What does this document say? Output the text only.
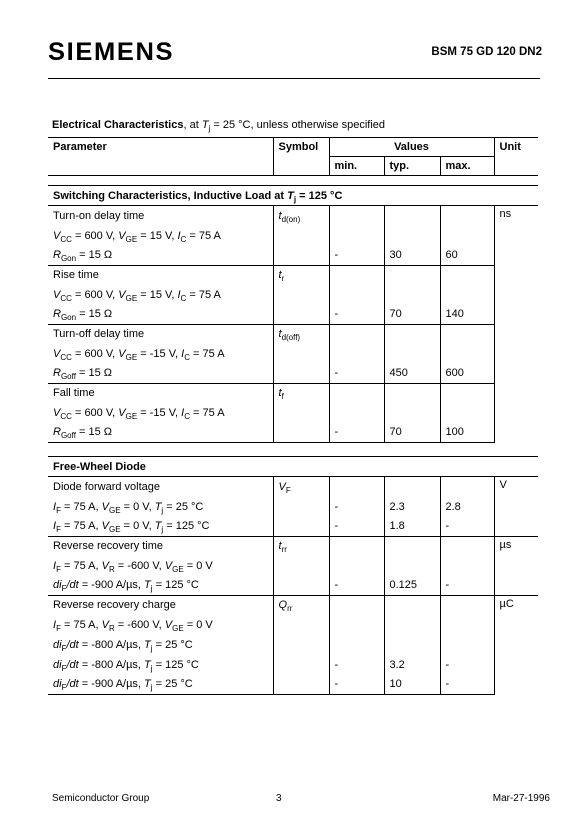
SIEMENS	BSM 75 GD 120 DN2
Electrical Characteristics, at $T_j = 25$ °C, unless otherwise specified
Parameter	Symbol	Values			Unit
		min.	typ.	max.	

Switching Characteristics, Inductive Load at $T_j = 125$ °C					
Turn-on delay time	$t_{d(on)}$				ns
$V_{CC} = 600$ V, $V_{GE} = 15$ V, $I_C = 75$ A					
$R_{Gon} = 15$ Ω		-	30	60	
Rise time	$t_r$			
$V_{CC} = 600$ V, $V_{GE} = 15$ V, $I_C = 75$ A					
$R_{Gon} = 15$ Ω		-	70	140	
Turn-off delay time	$t_{d(off)}$			
$V_{CC} = 600$ V, $V_{GE} = -15$ V, $I_C = 75$ A					
$R_{Goff} = 15$ Ω		-	450	600	
Fall time	$t_f$			
$V_{CC} = 600$ V, $V_{GE} = -15$ V, $I_C = 75$ A					
$R_{Goff} = 15$ Ω		-	70	100	

Free-Wheel Diode					
Diode forward voltage	$V_F$				V
$I_F = 75$ A, $V_{GE} = 0$ V, $T_j = 25$ °C		-	2.3	2.8	
$I_F = 75$ A, $V_{GE} = 0$ V, $T_j = 125$ °C		-	1.8	-	
Reverse recovery time	$t_{rr}$				µs
$I_F = 75$ A, $V_R = -600$ V, $V_{GE} = 0$ V					
$di_F/dt = -900$ A/µs, $T_j = 125$ °C		-	0.125	-	
Reverse recovery charge	$Q_{rr}$				µC
$I_F = 75$ A, $V_R = -600$ V, $V_{GE} = 0$ V					
$di_F/dt = -800$ A/µs, $T_j = 25$ °C					
$di_F/dt = -800$ A/µs, $T_j = 125$ °C		-	3.2	-	
$di_F/dt = -900$ A/µs, $T_j = 25$ °C		-	10	-	
Semiconductor Group	3	Mar-27-1996
